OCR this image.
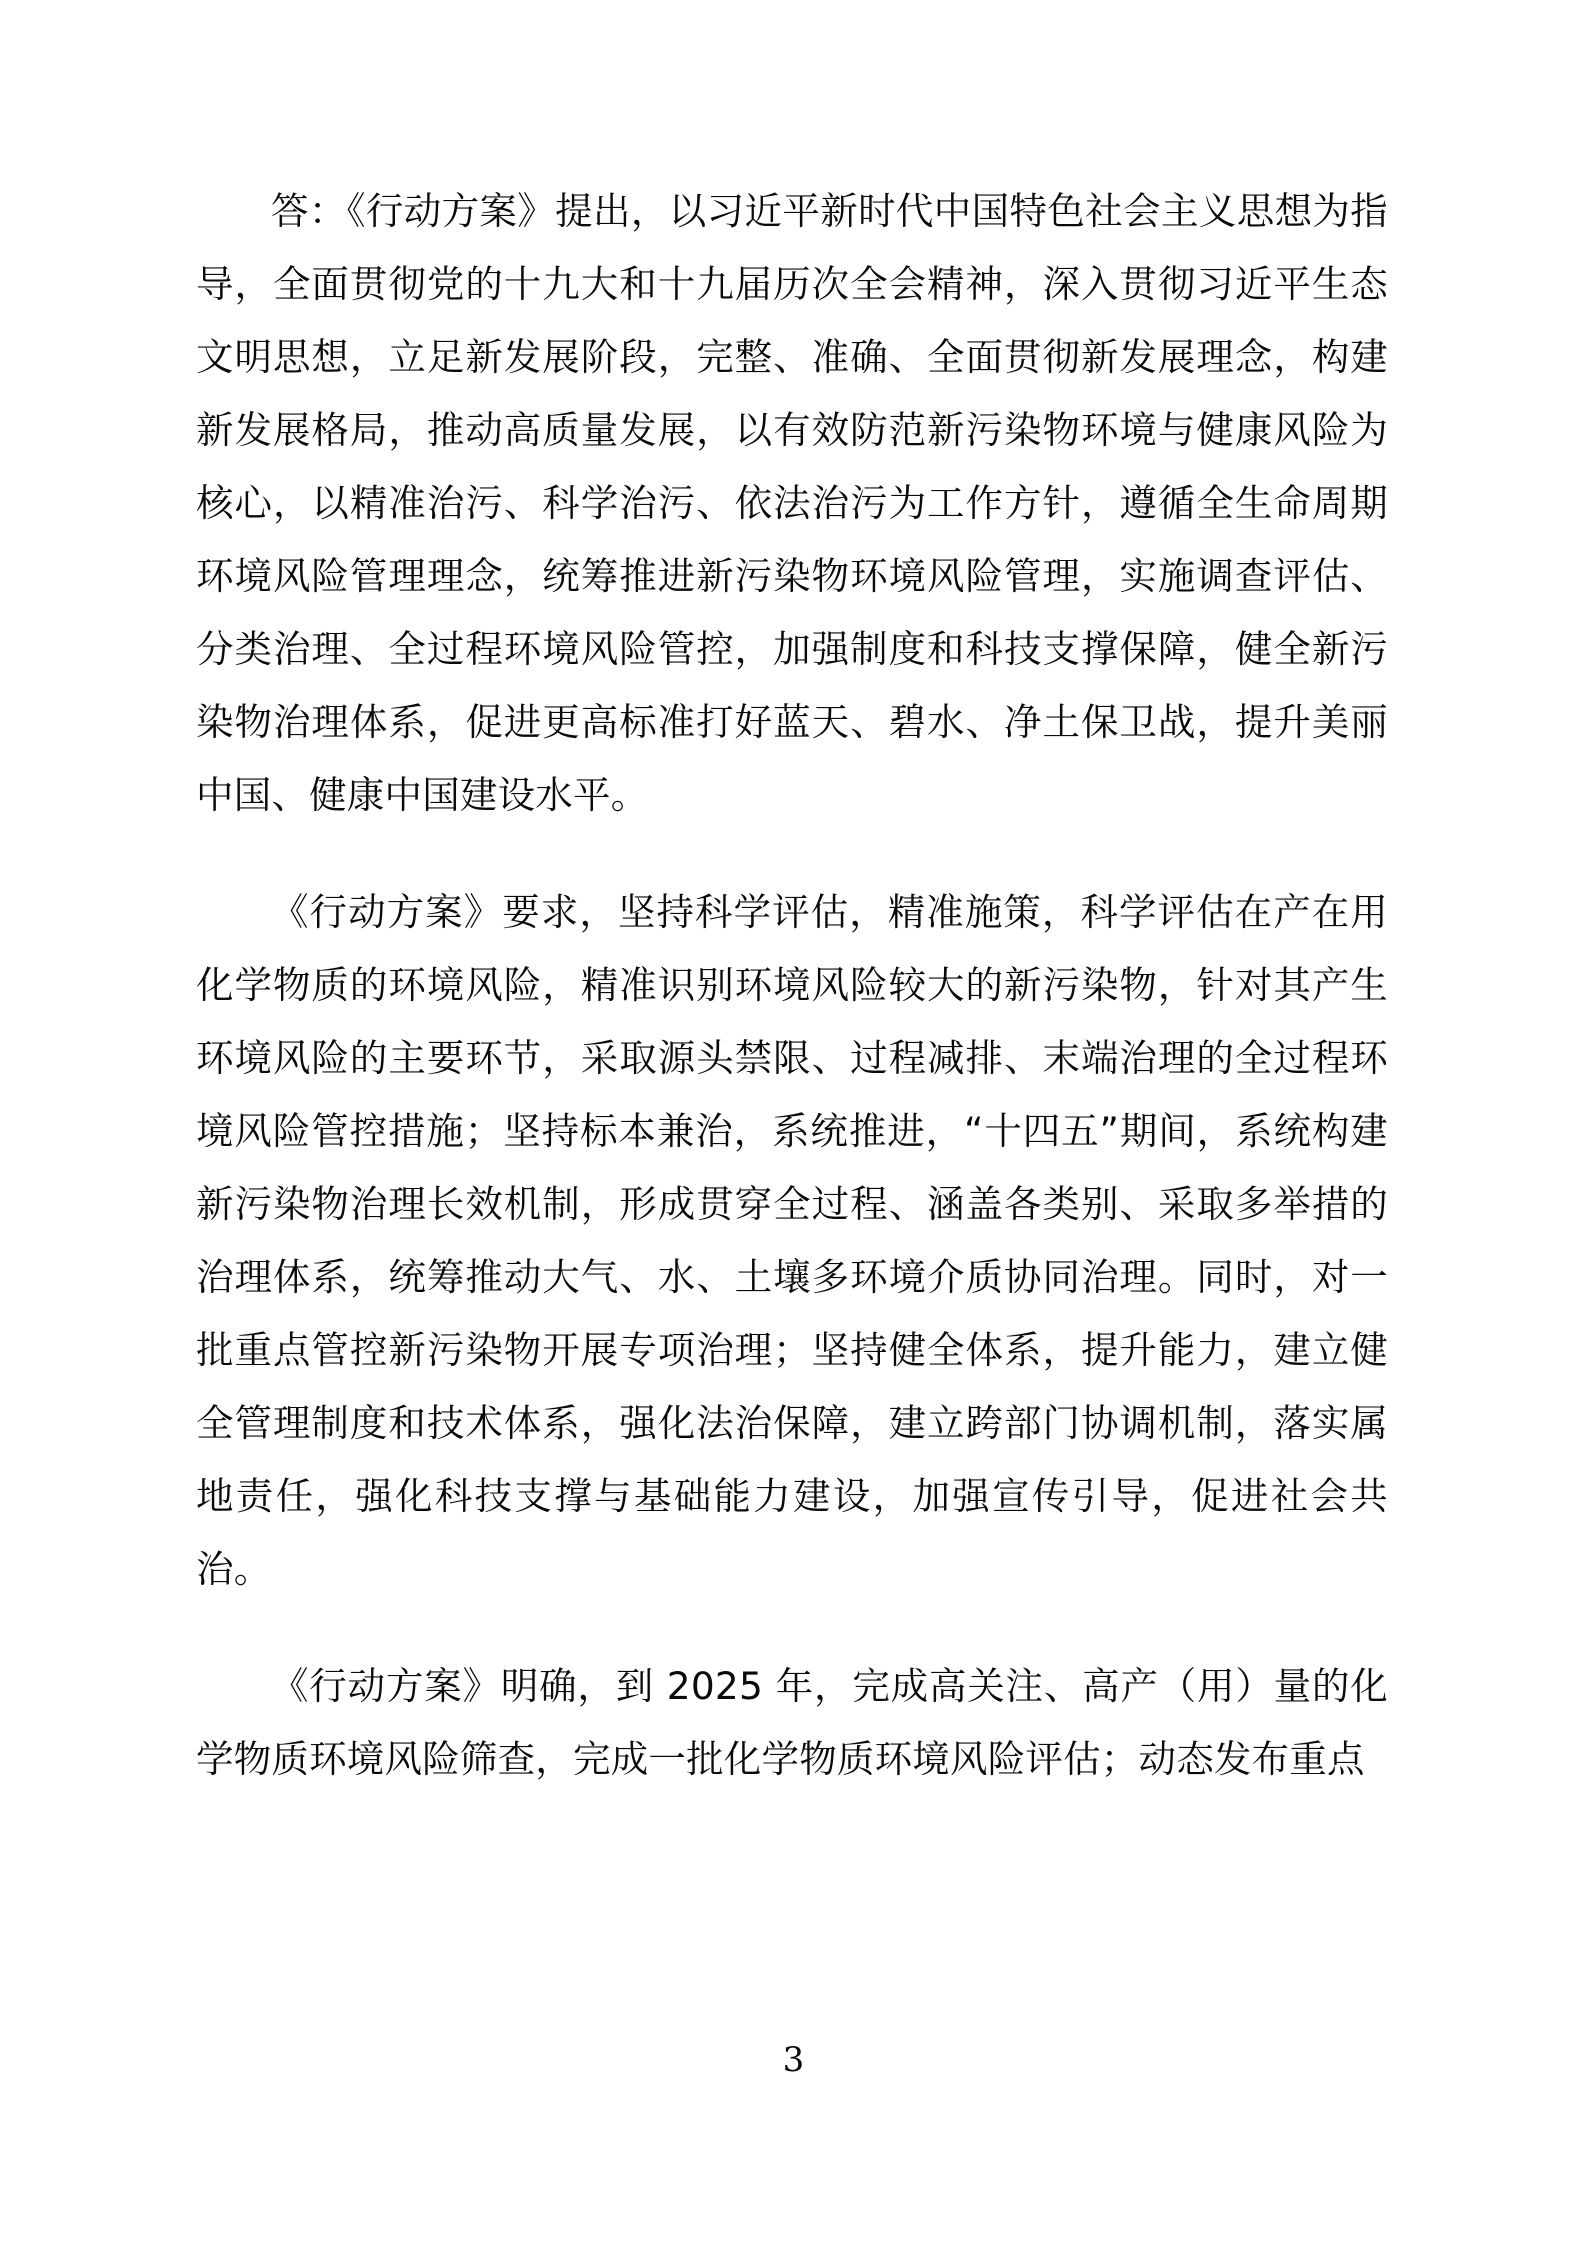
答：《行动方案》提出，以习近平新时代中国特色社会主义思想为指导，全面贯彻党的十九大和十九届历次全会精神，深入贯彻习近平生态文明思想，立足新发展阶段，完整、准确、全面贯彻新发展理念，构建新发展格局，推动高质量发展，以有效防范新污染物环境与健康风险为核心，以精准治污、科学治污、依法治污为工作方针，遵循全生命周期环境风险管理理念，统筹推进新污染物环境风险管理，实施调查评估、分类治理、全过程环境风险管控，加强制度和科技支撑保障，健全新污染物治理体系，促进更高标准打好蓝天、碧水、净土保卫战，提升美丽中国、健康中国建设水平。

《行动方案》要求，坚持科学评估，精准施策，科学评估在产在用化学物质的环境风险，精准识别环境风险较大的新污染物，针对其产生环境风险的主要环节，采取源头禁限、过程减排、末端治理的全过程环境风险管控措施；坚持标本兼治，系统推进，“十四五”期间，系统构建新污染物治理长效机制，形成贯穿全过程、涵盖各类别、采取多举措的治理体系，统筹推动大气、水、土壤多环境介质协同治理。同时，对一批重点管控新污染物开展专项治理；坚持健全体系，提升能力，建立健全管理制度和技术体系，强化法治保障，建立跨部门协调机制，落实属地责任，强化科技支撑与基础能力建设，加强宣传引导，促进社会共治。

《行动方案》明确，到 2025 年，完成高关注、高产（用）量的化学物质环境风险筛查，完成一批化学物质环境风险评估；动态发布重点

3
